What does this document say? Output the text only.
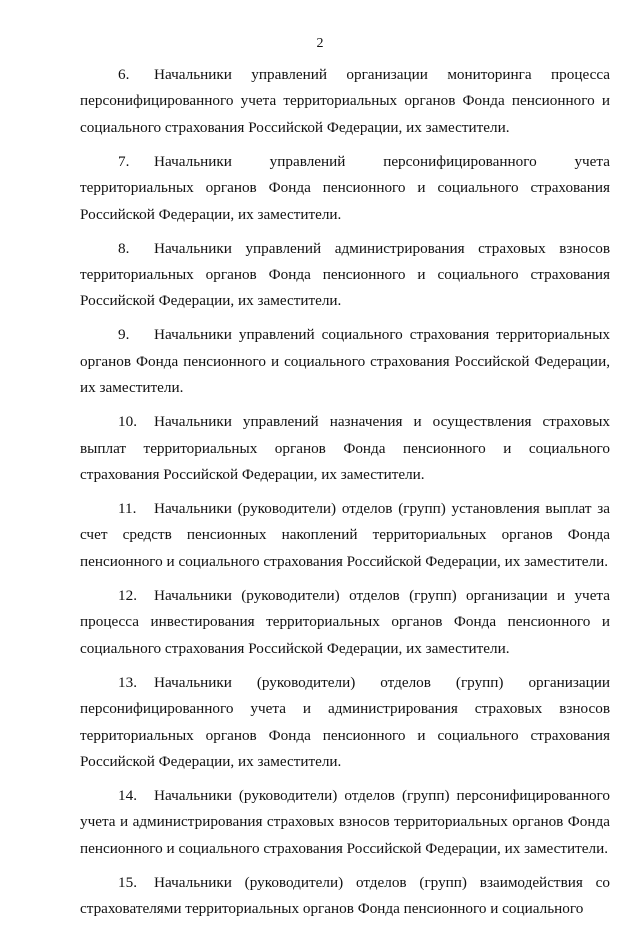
2

6. Начальники управлений организации мониторинга процесса персонифицированного учета территориальных органов Фонда пенсионного и социального страхования Российской Федерации, их заместители.

7. Начальники управлений персонифицированного учета территориальных органов Фонда пенсионного и социального страхования Российской Федерации, их заместители.

8. Начальники управлений администрирования страховых взносов территориальных органов Фонда пенсионного и социального страхования Российской Федерации, их заместители.

9. Начальники управлений социального страхования территориальных органов Фонда пенсионного и социального страхования Российской Федерации, их заместители.

10. Начальники управлений назначения и осуществления страховых выплат территориальных органов Фонда пенсионного и социального страхования Российской Федерации, их заместители.

11. Начальники (руководители) отделов (групп) установления выплат за счет средств пенсионных накоплений территориальных органов Фонда пенсионного и социального страхования Российской Федерации, их заместители.

12. Начальники (руководители) отделов (групп) организации и учета процесса инвестирования территориальных органов Фонда пенсионного и социального страхования Российской Федерации, их заместители.

13. Начальники (руководители) отделов (групп) организации персонифицированного учета и администрирования страховых взносов территориальных органов Фонда пенсионного и социального страхования Российской Федерации, их заместители.

14. Начальники (руководители) отделов (групп) персонифицированного учета и администрирования страховых взносов территориальных органов Фонда пенсионного и социального страхования Российской Федерации, их заместители.

15. Начальники (руководители) отделов (групп) взаимодействия со страхователями территориальных органов Фонда пенсионного и социального
